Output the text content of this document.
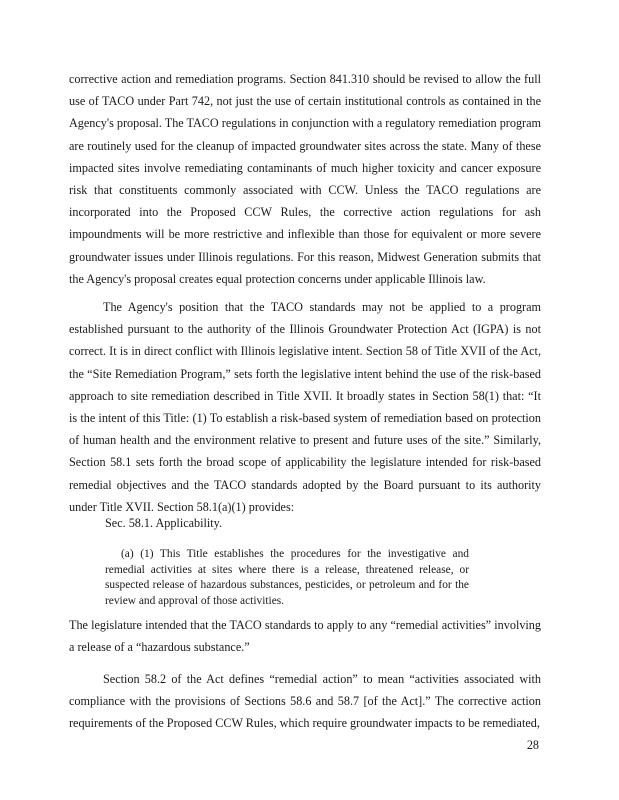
corrective action and remediation programs. Section 841.310 should be revised to allow the full use of TACO under Part 742, not just the use of certain institutional controls as contained in the Agency's proposal. The TACO regulations in conjunction with a regulatory remediation program are routinely used for the cleanup of impacted groundwater sites across the state. Many of these impacted sites involve remediating contaminants of much higher toxicity and cancer exposure risk that constituents commonly associated with CCW. Unless the TACO regulations are incorporated into the Proposed CCW Rules, the corrective action regulations for ash impoundments will be more restrictive and inflexible than those for equivalent or more severe groundwater issues under Illinois regulations. For this reason, Midwest Generation submits that the Agency's proposal creates equal protection concerns under applicable Illinois law.
The Agency's position that the TACO standards may not be applied to a program established pursuant to the authority of the Illinois Groundwater Protection Act (IGPA) is not correct. It is in direct conflict with Illinois legislative intent. Section 58 of Title XVII of the Act, the “Site Remediation Program,” sets forth the legislative intent behind the use of the risk-based approach to site remediation described in Title XVII. It broadly states in Section 58(1) that: “It is the intent of this Title: (1) To establish a risk-based system of remediation based on protection of human health and the environment relative to present and future uses of the site.” Similarly, Section 58.1 sets forth the broad scope of applicability the legislature intended for risk-based remedial objectives and the TACO standards adopted by the Board pursuant to its authority under Title XVII. Section 58.1(a)(1) provides:
Sec. 58.1. Applicability.
(a) (1) This Title establishes the procedures for the investigative and remedial activities at sites where there is a release, threatened release, or suspected release of hazardous substances, pesticides, or petroleum and for the review and approval of those activities.
The legislature intended that the TACO standards to apply to any “remedial activities” involving a release of a “hazardous substance.”
Section 58.2 of the Act defines “remedial action” to mean “activities associated with compliance with the provisions of Sections 58.6 and 58.7 [of the Act].” The corrective action requirements of the Proposed CCW Rules, which require groundwater impacts to be remediated,
28
